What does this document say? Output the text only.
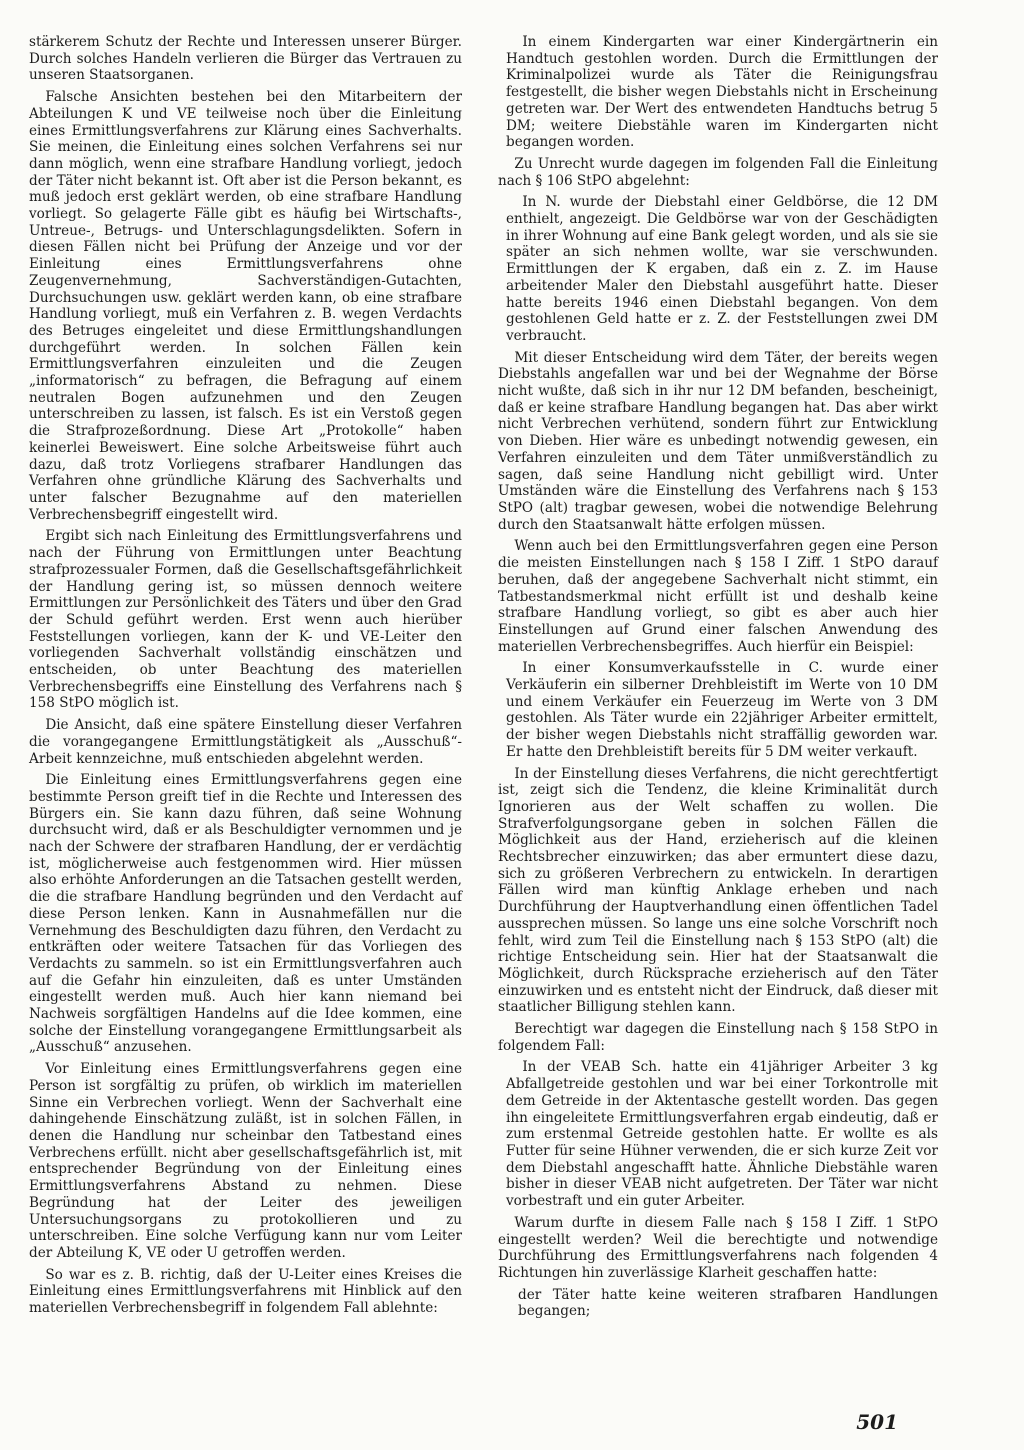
stärkerem Schutz der Rechte und Interessen unserer Bürger. Durch solches Handeln verlieren die Bürger das Vertrauen zu unseren Staatsorganen.

Falsche Ansichten bestehen bei den Mitarbeitern der Abteilungen K und VE teilweise noch über die Einleitung eines Ermittlungsverfahrens zur Klärung eines Sachverhalts. Sie meinen, die Einleitung eines solchen Verfahrens sei nur dann möglich, wenn eine strafbare Handlung vorliegt, jedoch der Täter nicht bekannt ist. Oft aber ist die Person bekannt, es muß jedoch erst geklärt werden, ob eine strafbare Handlung vorliegt. So gelagerte Fälle gibt es häufig bei Wirtschafts-, Untreue-, Betrugs- und Unterschlagungsdelikten. Sofern in diesen Fällen nicht bei Prüfung der Anzeige und vor der Einleitung eines Ermittlungsverfahrens ohne Zeugenvernehmung, Sachverständigen-Gutachten, Durchsuchungen usw. geklärt werden kann, ob eine strafbare Handlung vorliegt, muß ein Verfahren z. B. wegen Verdachts des Betruges eingeleitet und diese Ermittlungshandlungen durchgeführt werden. In solchen Fällen kein Ermittlungsverfahren einzuleiten und die Zeugen „informatorisch“ zu befragen, die Befragung auf einem neutralen Bogen aufzunehmen und den Zeugen unterschreiben zu lassen, ist falsch. Es ist ein Verstoß gegen die Strafprozeßordnung. Diese Art „Protokolle“ haben keinerlei Beweiswert. Eine solche Arbeitsweise führt auch dazu, daß trotz Vorliegens strafbarer Handlungen das Verfahren ohne gründliche Klärung des Sachverhalts und unter falscher Bezugnahme auf den materiellen Verbrechensbegriff eingestellt wird.

Ergibt sich nach Einleitung des Ermittlungsverfahrens und nach der Führung von Ermittlungen unter Beachtung strafprozessualer Formen, daß die Gesellschaftsgefährlichkeit der Handlung gering ist, so müssen dennoch weitere Ermittlungen zur Persönlichkeit des Täters und über den Grad der Schuld geführt werden. Erst wenn auch hierüber Feststellungen vorliegen, kann der K- und VE-Leiter den vorliegenden Sachverhalt vollständig einschätzen und entscheiden, ob unter Beachtung des materiellen Verbrechensbegriffs eine Einstellung des Verfahrens nach § 158 StPO möglich ist.

Die Ansicht, daß eine spätere Einstellung dieser Verfahren die vorangegangene Ermittlungstätigkeit als „Ausschuß“-Arbeit kennzeichne, muß entschieden abgelehnt werden.

Die Einleitung eines Ermittlungsverfahrens gegen eine bestimmte Person greift tief in die Rechte und Interessen des Bürgers ein. Sie kann dazu führen, daß seine Wohnung durchsucht wird, daß er als Beschuldigter vernommen und je nach der Schwere der strafbaren Handlung, der er verdächtig ist, möglicherweise auch festgenommen wird. Hier müssen also erhöhte Anforderungen an die Tatsachen gestellt werden, die die strafbare Handlung begründen und den Verdacht auf diese Person lenken. Kann in Ausnahmefällen nur die Vernehmung des Beschuldigten dazu führen, den Verdacht zu entkräften oder weitere Tatsachen für das Vorliegen des Verdachts zu sammeln. so ist ein Ermittlungsverfahren auch auf die Gefahr hin einzuleiten, daß es unter Umständen eingestellt werden muß. Auch hier kann niemand bei Nachweis sorgfältigen Handelns auf die Idee kommen, eine solche der Einstellung vorangegangene Ermittlungsarbeit als „Ausschuß“ anzusehen.

Vor Einleitung eines Ermittlungsverfahrens gegen eine Person ist sorgfältig zu prüfen, ob wirklich im materiellen Sinne ein Verbrechen vorliegt. Wenn der Sachverhalt eine dahingehende Einschätzung zuläßt, ist in solchen Fällen, in denen die Handlung nur scheinbar den Tatbestand eines Verbrechens erfüllt. nicht aber gesellschaftsgefährlich ist, mit entsprechender Begründung von der Einleitung eines Ermittlungsverfahrens Abstand zu nehmen. Diese Begründung hat der Leiter des jeweiligen Untersuchungsorgans zu protokollieren und zu unterschreiben. Eine solche Verfügung kann nur vom Leiter der Abteilung K, VE oder U getroffen werden.

So war es z. B. richtig, daß der U-Leiter eines Kreises die Einleitung eines Ermittlungsverfahrens mit Hinblick auf den materiellen Verbrechensbegriff in folgendem Fall ablehnte:

In einem Kindergarten war einer Kindergärtnerin ein Handtuch gestohlen worden. Durch die Ermittlungen der Kriminalpolizei wurde als Täter die Reinigungsfrau festgestellt, die bisher wegen Diebstahls nicht in Erscheinung getreten war. Der Wert des entwendeten Handtuchs betrug 5 DM; weitere Diebstähle waren im Kindergarten nicht begangen worden.

Zu Unrecht wurde dagegen im folgenden Fall die Einleitung nach § 106 StPO abgelehnt:

In N. wurde der Diebstahl einer Geldbörse, die 12 DM enthielt, angezeigt. Die Geldbörse war von der Geschädigten in ihrer Wohnung auf eine Bank gelegt worden, und als sie sie später an sich nehmen wollte, war sie verschwunden. Ermittlungen der K ergaben, daß ein z. Z. im Hause arbeitender Maler den Diebstahl ausgeführt hatte. Dieser hatte bereits 1946 einen Diebstahl begangen. Von dem gestohlenen Geld hatte er z. Z. der Feststellungen zwei DM verbraucht.

Mit dieser Entscheidung wird dem Täter, der bereits wegen Diebstahls angefallen war und bei der Wegnahme der Börse nicht wußte, daß sich in ihr nur 12 DM befanden, bescheinigt, daß er keine strafbare Handlung begangen hat. Das aber wirkt nicht Verbrechen verhütend, sondern führt zur Entwicklung von Dieben. Hier wäre es unbedingt notwendig gewesen, ein Verfahren einzuleiten und dem Täter unmißverständlich zu sagen, daß seine Handlung nicht gebilligt wird. Unter Umständen wäre die Einstellung des Verfahrens nach § 153 StPO (alt) tragbar gewesen, wobei die notwendige Belehrung durch den Staatsanwalt hätte erfolgen müssen.

Wenn auch bei den Ermittlungsverfahren gegen eine Person die meisten Einstellungen nach § 158 I Ziff. 1 StPO darauf beruhen, daß der angegebene Sachverhalt nicht stimmt, ein Tatbestandsmerkmal nicht erfüllt ist und deshalb keine strafbare Handlung vorliegt, so gibt es aber auch hier Einstellungen auf Grund einer falschen Anwendung des materiellen Verbrechensbegriffes. Auch hierfür ein Beispiel:

In einer Konsumverkaufsstelle in C. wurde einer Verkäuferin ein silberner Drehbleistift im Werte von 10 DM und einem Verkäufer ein Feuerzeug im Werte von 3 DM gestohlen. Als Täter wurde ein 22jähriger Arbeiter ermittelt, der bisher wegen Diebstahls nicht straffällig geworden war. Er hatte den Drehbleistift bereits für 5 DM weiter verkauft.

In der Einstellung dieses Verfahrens, die nicht gerechtfertigt ist, zeigt sich die Tendenz, die kleine Kriminalität durch Ignorieren aus der Welt schaffen zu wollen. Die Strafverfolgungsorgane geben in solchen Fällen die Möglichkeit aus der Hand, erzieherisch auf die kleinen Rechtsbrecher einzuwirken; das aber ermuntert diese dazu, sich zu größeren Verbrechern zu entwickeln. In derartigen Fällen wird man künftig Anklage erheben und nach Durchführung der Hauptverhandlung einen öffentlichen Tadel aussprechen müssen. So lange uns eine solche Vorschrift noch fehlt, wird zum Teil die Einstellung nach § 153 StPO (alt) die richtige Entscheidung sein. Hier hat der Staatsanwalt die Möglichkeit, durch Rücksprache erzieherisch auf den Täter einzuwirken und es entsteht nicht der Eindruck, daß dieser mit staatlicher Billigung stehlen kann.

Berechtigt war dagegen die Einstellung nach § 158 StPO in folgendem Fall:

In der VEAB Sch. hatte ein 41jähriger Arbeiter 3 kg Abfallgetreide gestohlen und war bei einer Torkontrolle mit dem Getreide in der Aktentasche gestellt worden. Das gegen ihn eingeleitete Ermittlungsverfahren ergab eindeutig, daß er zum erstenmal Getreide gestohlen hatte. Er wollte es als Futter für seine Hühner verwenden, die er sich kurze Zeit vor dem Diebstahl angeschafft hatte. Ähnliche Diebstähle waren bisher in dieser VEAB nicht aufgetreten. Der Täter war nicht vorbestraft und ein guter Arbeiter.

Warum durfte in diesem Falle nach § 158 I Ziff. 1 StPO eingestellt werden? Weil die berechtigte und notwendige Durchführung des Ermittlungsverfahrens nach folgenden 4 Richtungen hin zuverlässige Klarheit geschaffen hatte:

der Täter hatte keine weiteren strafbaren Handlungen begangen;

501
